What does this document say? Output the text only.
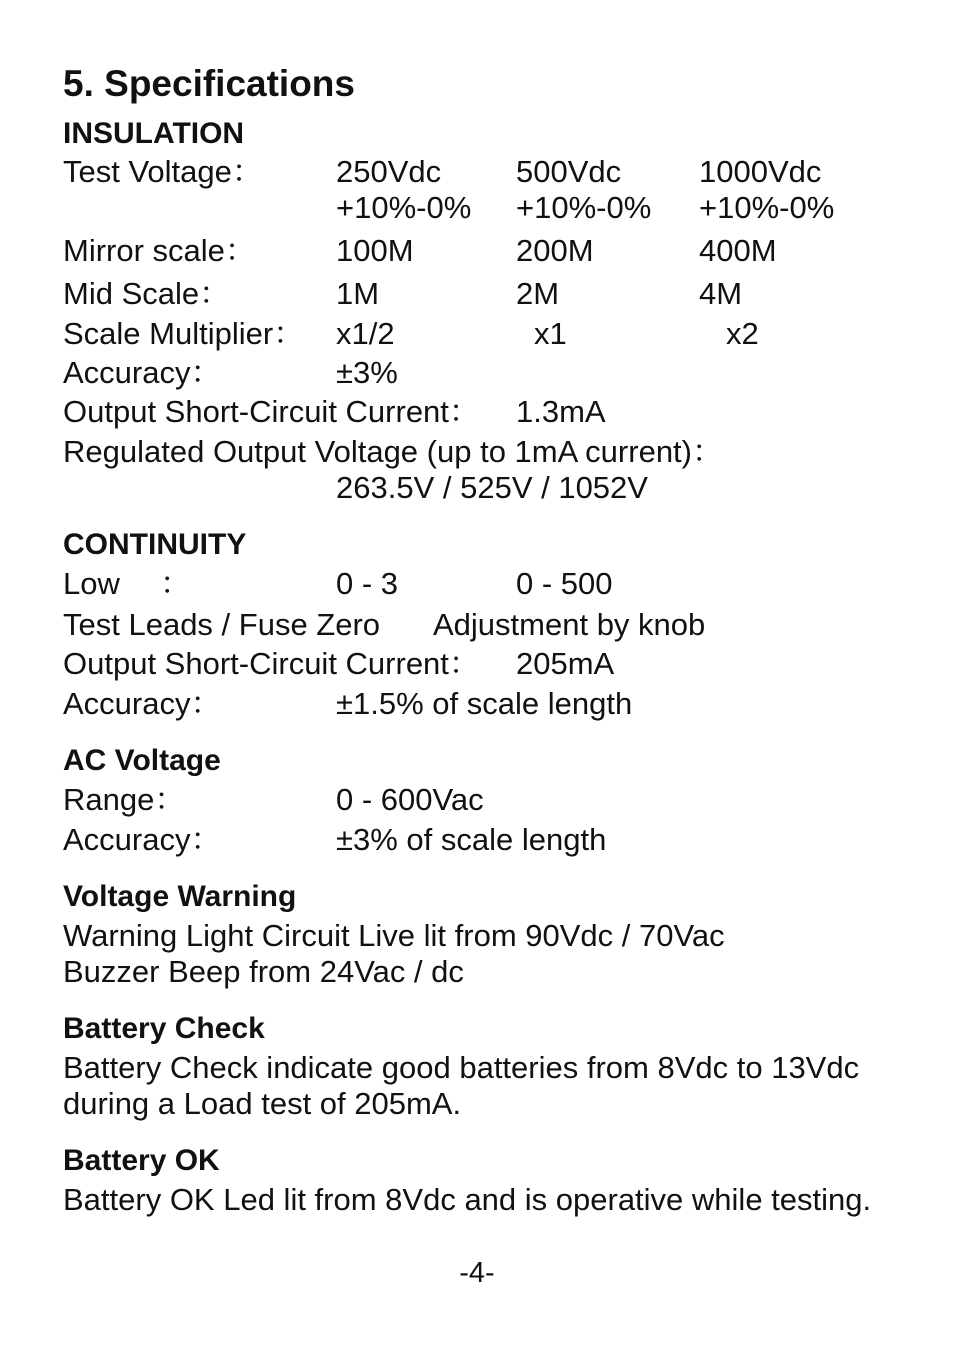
5. Specifications
INSULATION
Test Voltage： 250Vdc 500Vdc	1000Vdc
+10%-0% +10%-0% +10%-0%
Mirror scale：	100M	200M	400M
Mid Scale：	1M	2M	4M
Scale Multiplier： x1/2	x1	x2
Accuracy：	±3%
Output Short-Circuit Current： 1.3mA
Regulated Output Voltage (up to 1mA current)：
263.5V / 525V / 1052V
CONTINUITY
Low ：	0 - 3	0 - 500
Test Leads / Fuse Zero Adjustment by knob
Output Short-Circuit Current： 205mA
Accuracy：	±1.5% of scale length
AC Voltage
Range：	0 - 600Vac
Accuracy：	±3% of scale length
Voltage Warning
Warning Light Circuit Live lit from 90Vdc / 70Vac
Buzzer Beep from 24Vac / dc
Battery Check
Battery Check indicate good batteries from 8Vdc to 13Vdc
during a Load test of 205mA.
Battery OK
Battery OK Led lit from 8Vdc and is operative while testing.
-4-
